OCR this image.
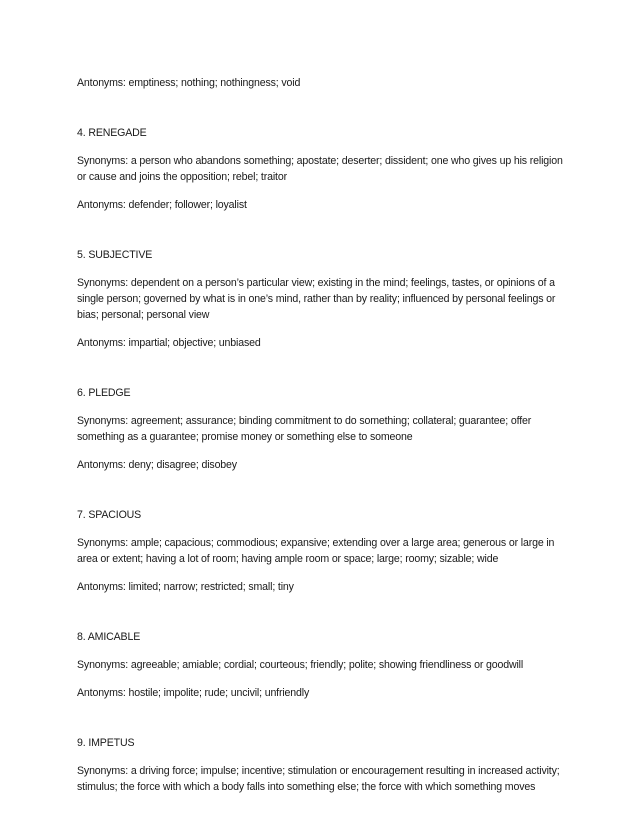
Antonyms: emptiness; nothing; nothingness; void

4. RENEGADE

Synonyms: a person who abandons something; apostate; deserter; dissident; one who gives up his religion or cause and joins the opposition; rebel; traitor

Antonyms: defender; follower; loyalist

5. SUBJECTIVE

Synonyms: dependent on a person’s particular view; existing in the mind; feelings, tastes, or opinions of a single person; governed by what is in one’s mind, rather than by reality; influenced by personal feelings or bias; personal; personal view

Antonyms: impartial; objective; unbiased

6. PLEDGE

Synonyms: agreement; assurance; binding commitment to do something; collateral; guarantee; offer something as a guarantee; promise money or something else to someone

Antonyms: deny; disagree; disobey

7. SPACIOUS

Synonyms: ample; capacious; commodious; expansive; extending over a large area; generous or large in area or extent; having a lot of room; having ample room or space; large; roomy; sizable; wide

Antonyms: limited; narrow; restricted; small; tiny

8. AMICABLE

Synonyms: agreeable; amiable; cordial; courteous; friendly; polite; showing friendliness or goodwill

Antonyms: hostile; impolite; rude; uncivil; unfriendly

9. IMPETUS

Synonyms: a driving force; impulse; incentive; stimulation or encouragement resulting in increased activity; stimulus; the force with which a body falls into something else; the force with which something moves
